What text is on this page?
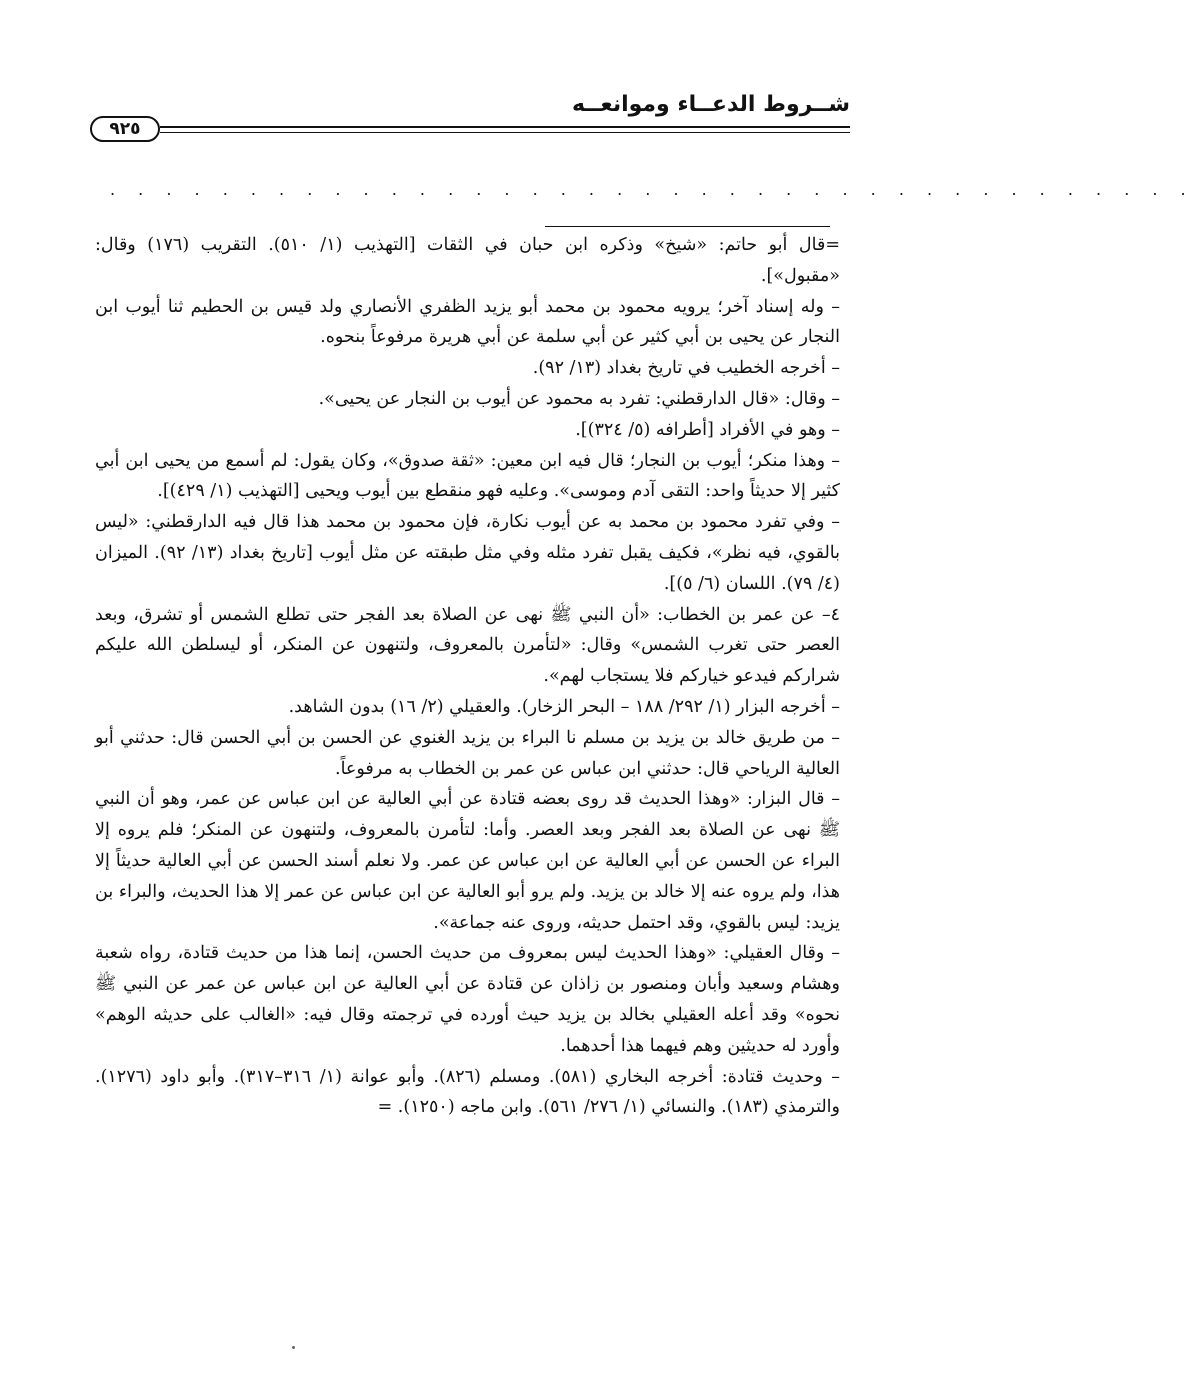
شــروط الدعــاء وموانعــه
٩٢٥
. . . . . . . . . . . . . . . . . . . . . . . . . . . . . . . . . . . . . . .

=قال أبو حاتم: «شيخ» وذكره ابن حبان في الثقات [التهذيب (١/ ٥١٠). التقريب (١٧٦) وقال: «مقبول»].

– وله إسناد آخر؛ يرويه محمود بن محمد أبو يزيد الظفري الأنصاري ولد قيس بن الحطيم ثنا أيوب ابن النجار عن يحيى بن أبي كثير عن أبي سلمة عن أبي هريرة مرفوعاً بنحوه.

– أخرجه الخطيب في تاريخ بغداد (١٣/ ٩٢).

– وقال: «قال الدارقطني: تفرد به محمود عن أيوب بن النجار عن يحيى».

– وهو في الأفراد [أطرافه (٥/ ٣٢٤)].

– وهذا منكر؛ أيوب بن النجار؛ قال فيه ابن معين: «ثقة صدوق»، وكان يقول: لم أسمع من يحيى ابن أبي كثير إلا حديثاً واحد: التقى آدم وموسى». وعليه فهو منقطع بين أيوب ويحيى [التهذيب (١/ ٤٢٩)].

– وفي تفرد محمود بن محمد به عن أيوب نكارة، فإن محمود بن محمد هذا قال فيه الدارقطني: «ليس بالقوي، فيه نظر»، فكيف يقبل تفرد مثله وفي مثل طبقته عن مثل أيوب [تاريخ بغداد (١٣/ ٩٢). الميزان (٤/ ٧٩). اللسان (٦/ ٥)].

٤– عن عمر بن الخطاب: «أن النبي ﷺ نهى عن الصلاة بعد الفجر حتى تطلع الشمس أو تشرق، وبعد العصر حتى تغرب الشمس» وقال: «لتأمرن بالمعروف، ولتنهون عن المنكر، أو ليسلطن الله عليكم شراركم فيدعو خياركم فلا يستجاب لهم».

– أخرجه البزار (١/ ٢٩٢/ ١٨٨ – البحر الزخار). والعقيلي (٢/ ١٦) بدون الشاهد.

– من طريق خالد بن يزيد بن مسلم نا البراء بن يزيد الغنوي عن الحسن بن أبي الحسن قال: حدثني أبو العالية الرياحي قال: حدثني ابن عباس عن عمر بن الخطاب به مرفوعاً.

– قال البزار: «وهذا الحديث قد روى بعضه قتادة عن أبي العالية عن ابن عباس عن عمر، وهو أن النبي ﷺ نهى عن الصلاة بعد الفجر وبعد العصر. وأما: لتأمرن بالمعروف، ولتنهون عن المنكر؛ فلم يروه إلا البراء عن الحسن عن أبي العالية عن ابن عباس عن عمر. ولا نعلم أسند الحسن عن أبي العالية حديثاً إلا هذا، ولم يروه عنه إلا خالد بن يزيد. ولم يرو أبو العالية عن ابن عباس عن عمر إلا هذا الحديث، والبراء بن يزيد: ليس بالقوي، وقد احتمل حديثه، وروى عنه جماعة».

– وقال العقيلي: «وهذا الحديث ليس بمعروف من حديث الحسن، إنما هذا من حديث قتادة، رواه شعبة وهشام وسعيد وأبان ومنصور بن زاذان عن قتادة عن أبي العالية عن ابن عباس عن عمر عن النبي ﷺ نحوه» وقد أعله العقيلي بخالد بن يزيد حيث أورده في ترجمته وقال فيه: «الغالب على حديثه الوهم» وأورد له حديثين وهم فيهما هذا أحدهما.

– وحديث قتادة: أخرجه البخاري (٥٨١). ومسلم (٨٢٦). وأبو عوانة (١/ ٣١٦–٣١٧). وأبو داود (١٢٧٦). والترمذي (١٨٣). والنسائي (١/ ٢٧٦/ ٥٦١). وابن ماجه (١٢٥٠). =
